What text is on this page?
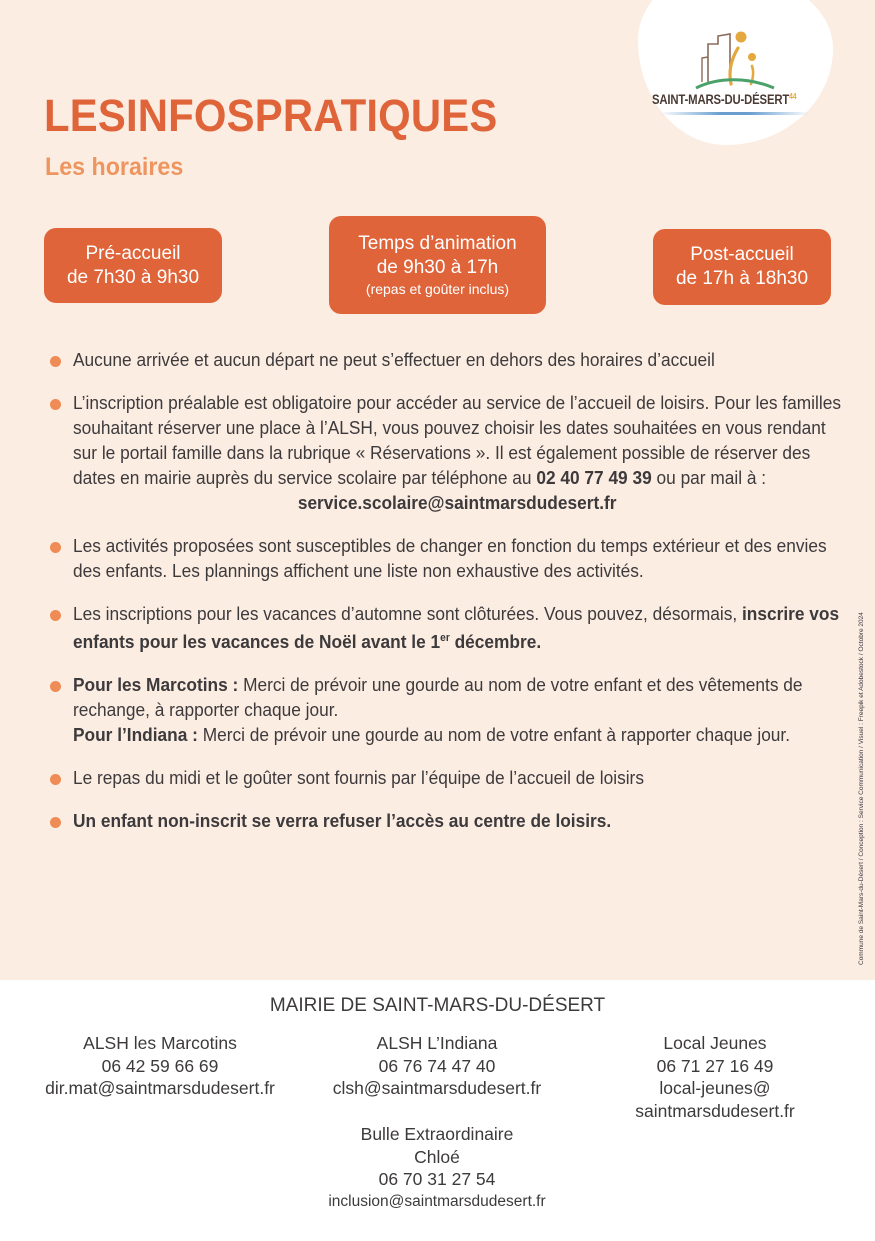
SAINT-MARS-DU-DÉSERT$^{44}$
LESINFOSPRATIQUES
Les horaires
Pré-accueil
de 7h30 à 9h30
Temps d’animation
de 9h30 à 17h
(repas et goûter inclus)
Post-accueil
de 17h à 18h30
Aucune arrivée et aucun départ ne peut s’effectuer en dehors des horaires d’accueil
L’inscription préalable est obligatoire pour accéder au service de l’accueil de loisirs. Pour les familles souhaitant réserver une place à l’ALSH, vous pouvez choisir les dates souhaitées en vous rendant sur le portail famille dans la rubrique « Réservations ». Il est également possible de réserver des dates en mairie auprès du service scolaire par téléphone au 02 40 77 49 39 ou par mail à :
service.scolaire@saintmarsdudesert.fr
Les activités proposées sont susceptibles de changer en fonction du temps extérieur et des envies des enfants. Les plannings affichent une liste non exhaustive des activités.
Les inscriptions pour les vacances d’automne sont clôturées. Vous pouvez, désormais, inscrire vos enfants pour les vacances de Noël avant le 1er décembre.
Pour les Marcotins : Merci de prévoir une gourde au nom de votre enfant et des vêtements de rechange, à rapporter chaque jour.
Pour l’Indiana : Merci de prévoir une gourde au nom de votre enfant à rapporter chaque jour.
Le repas du midi et le goûter sont fournis par l’équipe de l’accueil de loisirs
Un enfant non-inscrit se verra refuser l’accès au centre de loisirs.	Commune de Saint-Mars-du-Désert / Conception : Service Communication / Visuel : Freepik et Adobestock / Octobre 2024
MAIRIE DE SAINT-MARS-DU-DÉSERT
ALSH les Marcotins
06 42 59 66 69
dir.mat@saintmarsdudesert.fr
ALSH L’Indiana
06 76 74 47 40
clsh@saintmarsdudesert.fr
Local Jeunes
06 71 27 16 49
local-jeunes@
saintmarsdudesert.fr
Bulle Extraordinaire
Chloé
06 70 31 27 54
inclusion@saintmarsdudesert.fr
